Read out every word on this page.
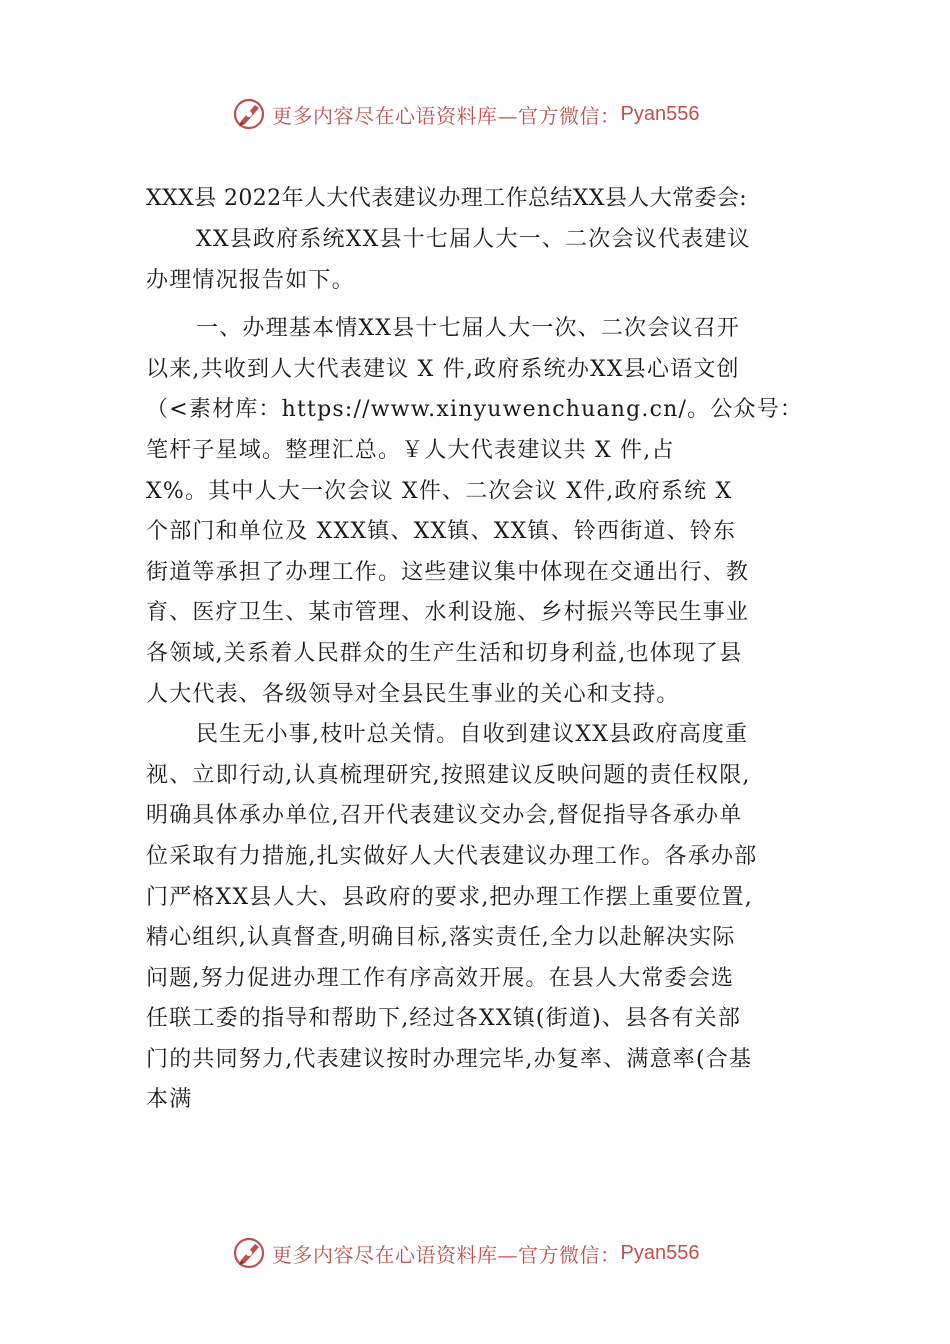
更多内容尽在心语资料库—官方微信： Pyan556
XXX县 2022年人大代表建议办理工作总结XX县人大常委会:
XX县政府系统XX县十七届人大一、二次会议代表建议
办理情况报告如下。
一、办理基本情XX县十七届人大一次、二次会议召开
以来,共收到人大代表建议 X 件,政府系统办XX县心语文创
（<素材库：https://www.xinyuwenchuang.cn/。公众号：
笔杆子星域。整理汇总。￥人大代表建议共 X 件,占
X%。其中人大一次会议 X件、二次会议 X件,政府系统 X
个部门和单位及 XXX镇、XX镇、XX镇、铃西街道、铃东
街道等承担了办理工作。这些建议集中体现在交通出行、教
育、医疗卫生、某市管理、水利设施、乡村振兴等民生事业
各领域,关系着人民群众的生产生活和切身利益,也体现了县
人大代表、各级领导对全县民生事业的关心和支持。
民生无小事,枝叶总关情。自收到建议XX县政府高度重
视、立即行动,认真梳理研究,按照建议反映问题的责任权限,
明确具体承办单位,召开代表建议交办会,督促指导各承办单
位采取有力措施,扎实做好人大代表建议办理工作。各承办部
门严格XX县人大、县政府的要求,把办理工作摆上重要位置,
精心组织,认真督查,明确目标,落实责任,全力以赴解决实际
问题,努力促进办理工作有序高效开展。在县人大常委会选
任联工委的指导和帮助下,经过各XX镇(街道)、县各有关部
门的共同努力,代表建议按时办理完毕,办复率、满意率(合基
本满
更多内容尽在心语资料库—官方微信： Pyan556
